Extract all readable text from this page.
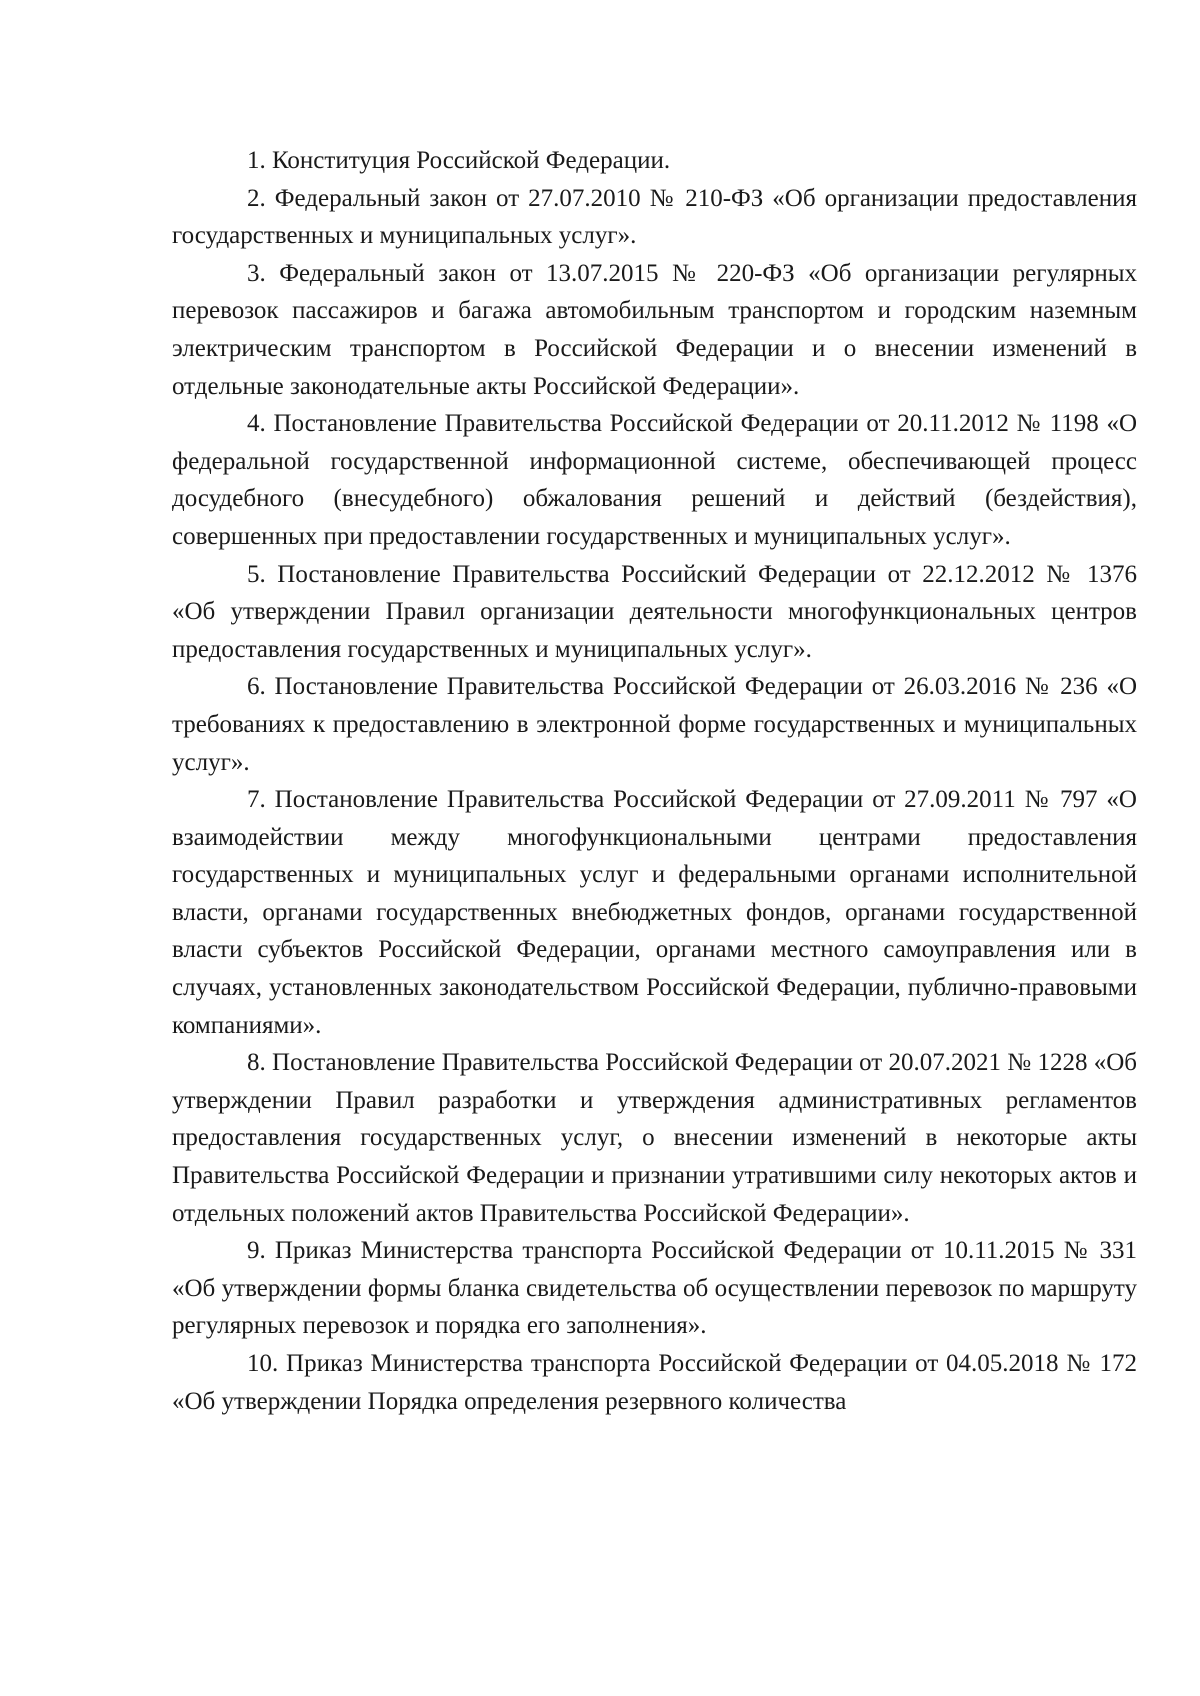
1. Конституция Российской Федерации.

2. Федеральный закон от 27.07.2010 № 210-ФЗ «Об организации предоставления государственных и муниципальных услуг».

3. Федеральный закон от 13.07.2015 № 220-ФЗ «Об организации регулярных перевозок пассажиров и багажа автомобильным транспортом и городским наземным электрическим транспортом в Российской Федерации и о внесении изменений в отдельные законодательные акты Российской Федерации».

4. Постановление Правительства Российской Федерации от 20.11.2012 № 1198 «О федеральной государственной информационной системе, обеспечивающей процесс досудебного (внесудебного) обжалования решений и действий (бездействия), совершенных при предоставлении государственных и муниципальных услуг».

5. Постановление Правительства Российский Федерации от 22.12.2012 № 1376 «Об утверждении Правил организации деятельности многофункциональных центров предоставления государственных и муниципальных услуг».

6. Постановление Правительства Российской Федерации от 26.03.2016 № 236 «О требованиях к предоставлению в электронной форме государственных и муниципальных услуг».

7. Постановление Правительства Российской Федерации от 27.09.2011 № 797 «О взаимодействии между многофункциональными центрами предоставления государственных и муниципальных услуг и федеральными органами исполнительной власти, органами государственных внебюджетных фондов, органами государственной власти субъектов Российской Федерации, органами местного самоуправления или в случаях, установленных законодательством Российской Федерации, публично-правовыми компаниями».

8. Постановление Правительства Российской Федерации от 20.07.2021 № 1228 «Об утверждении Правил разработки и утверждения административных регламентов предоставления государственных услуг, о внесении изменений в некоторые акты Правительства Российской Федерации и признании утратившими силу некоторых актов и отдельных положений актов Правительства Российской Федерации».

9. Приказ Министерства транспорта Российской Федерации от 10.11.2015 № 331 «Об утверждении формы бланка свидетельства об осуществлении перевозок по маршруту регулярных перевозок и порядка его заполнения».

10. Приказ Министерства транспорта Российской Федерации от 04.05.2018 № 172 «Об утверждении Порядка определения резервного количества
